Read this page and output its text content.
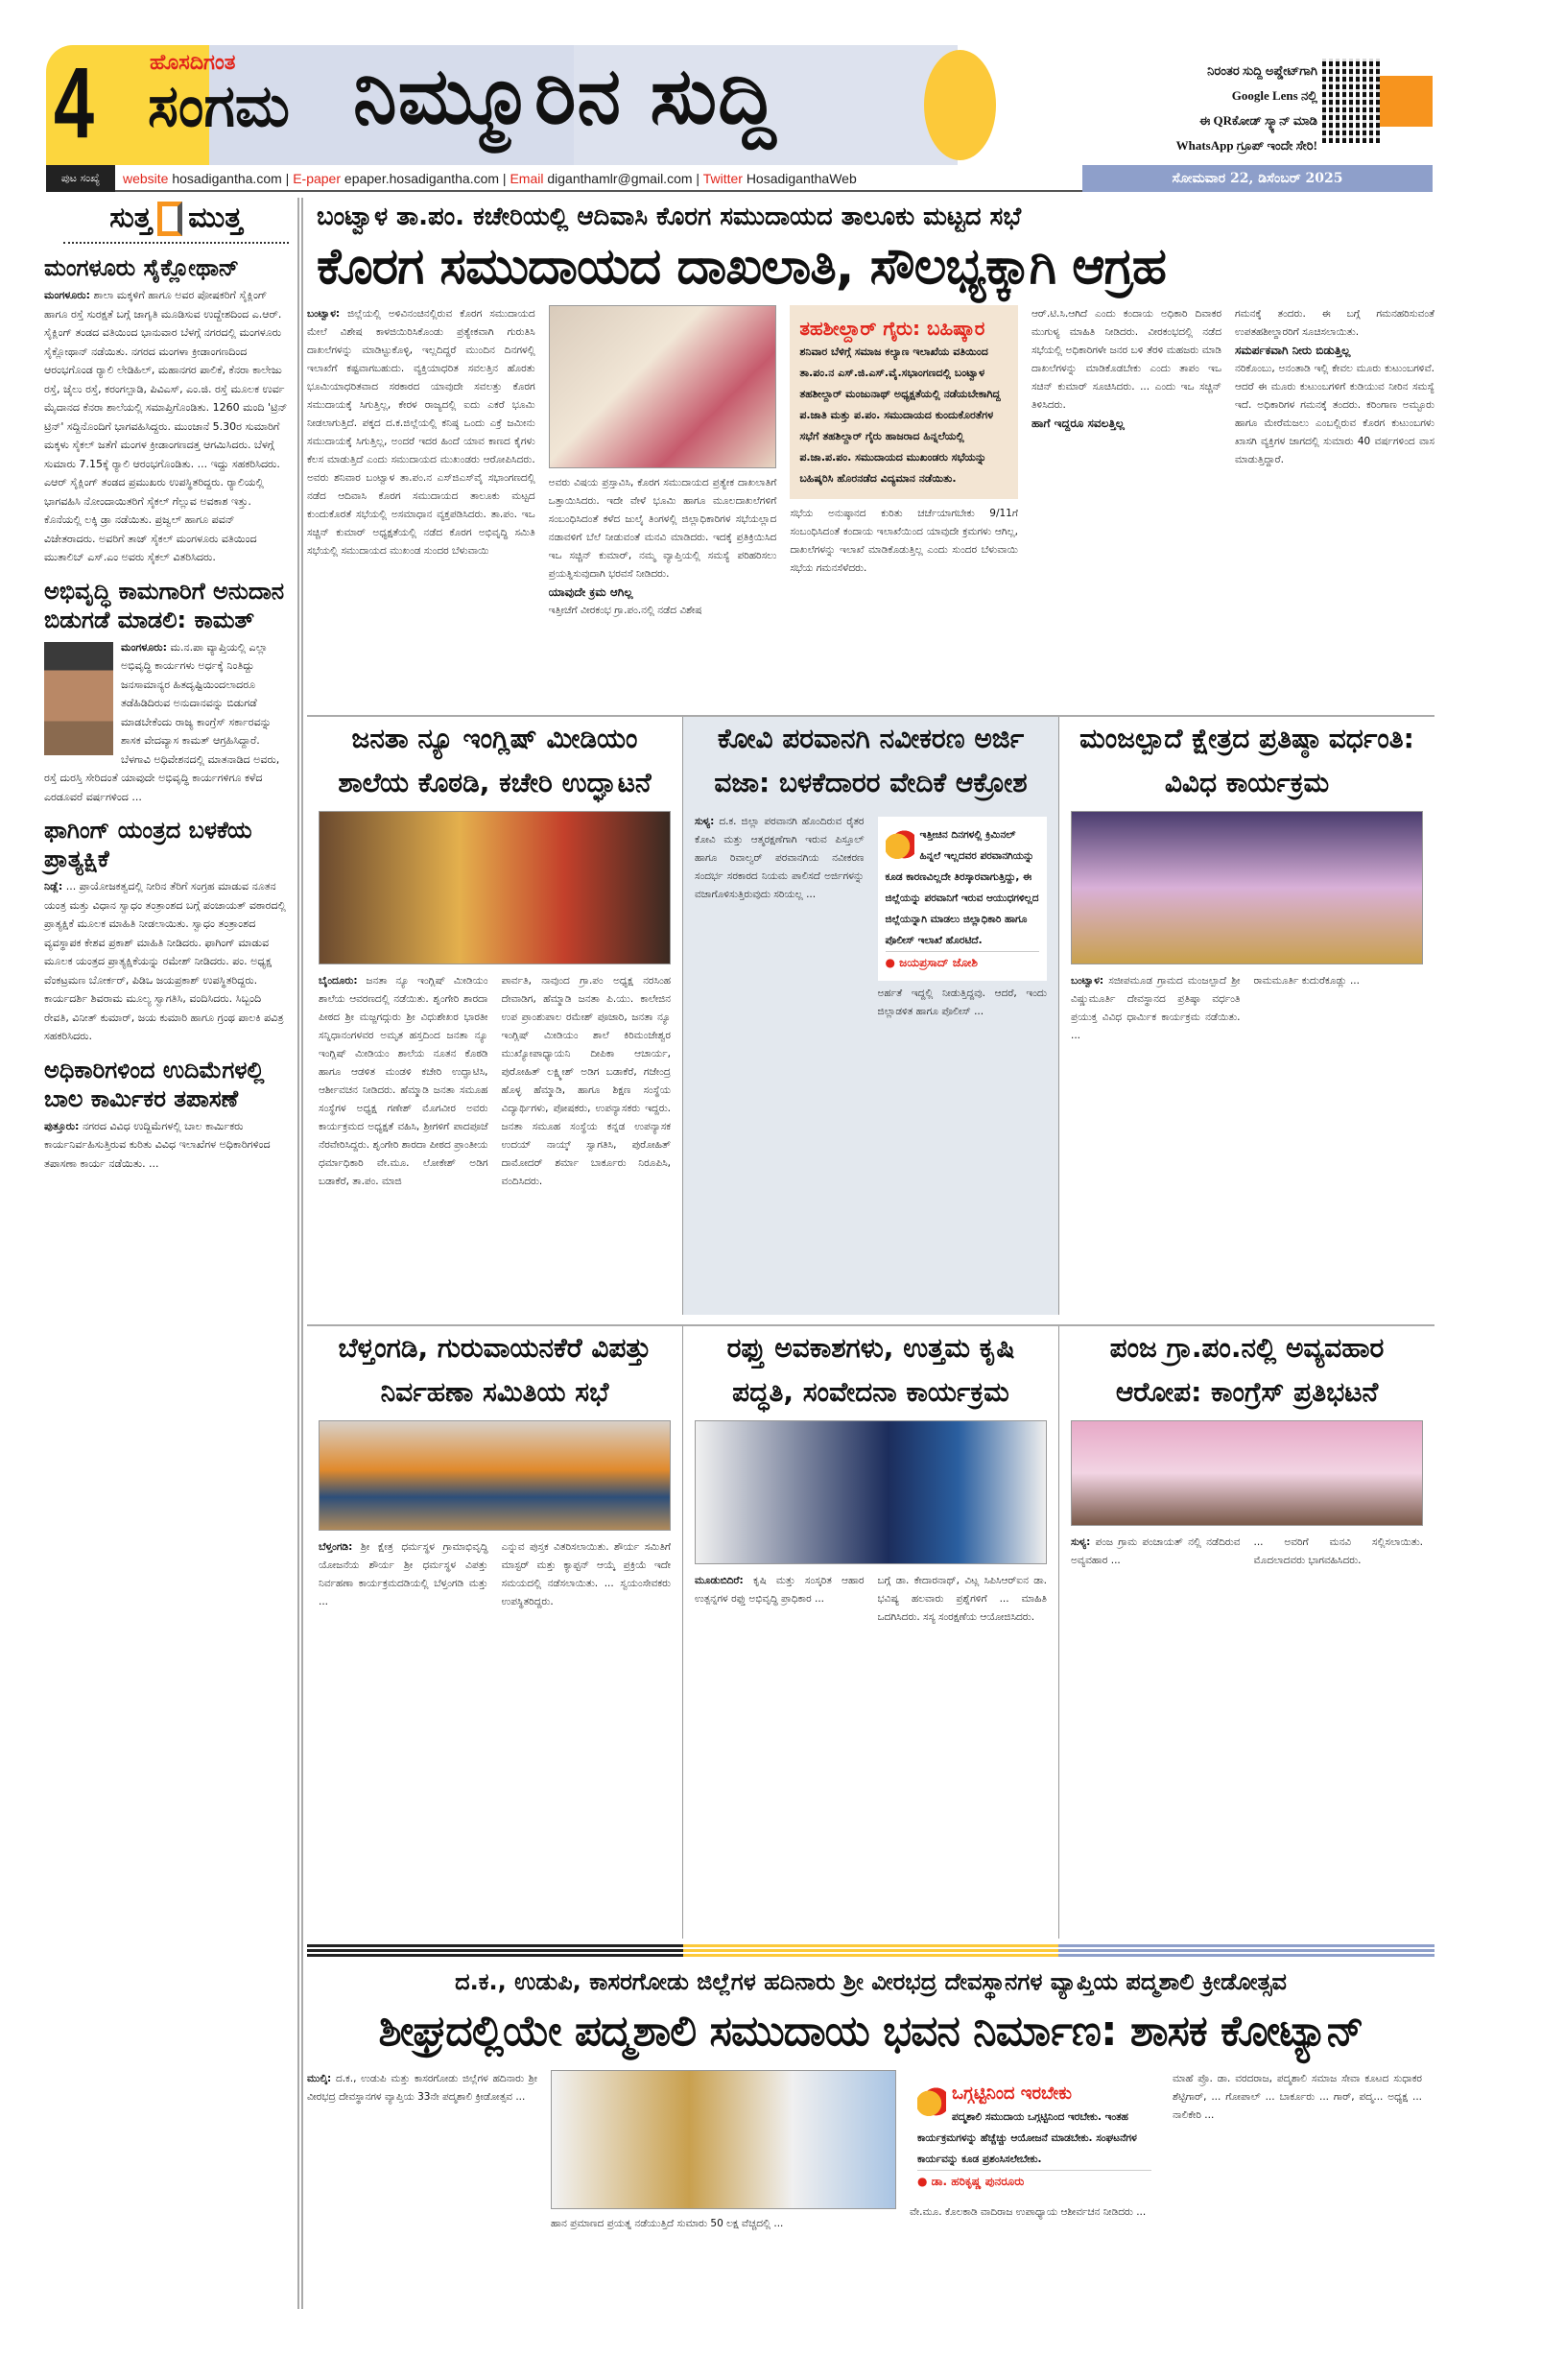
4	ಹೊಸದಿಗಂತ
ಸಂಗಮ ನಿಮ್ಮೂರಿನ ಸುದ್ದಿ	ನಿರಂತರ ಸುದ್ದಿ ಅಪ್ಡೇಟ್‌ಗಾಗಿ
Google Lens ನಲ್ಲಿ
ಈ QRಕೋಡ್ ಸ್ಕ್ಯಾನ್ ಮಾಡಿ
WhatsApp ಗ್ರೂಪ್ ಇಂದೇ ಸೇರಿ!
ಪುಟ ಸಂಖ್ಯೆ	website hosadigantha.com | E-paper epaper.hosadigantha.com | Email diganthamlr@gmail.com | Twitter HosadiganthaWeb	ಸೋಮವಾರ 22, ಡಿಸೆಂಬರ್ 2025
ಸುತ್ತ ಮುತ್ತ
ಮಂಗಳೂರು ಸೈಕ್ಲೋಥಾನ್

ಮಂಗಳೂರು: ಶಾಲಾ ಮಕ್ಕಳಿಗೆ ಹಾಗೂ ಅವರ ಪೋಷಕರಿಗೆ ಸೈಕ್ಲಿಂಗ್ ಹಾಗೂ ರಸ್ತೆ ಸುರಕ್ಷತೆ ಬಗ್ಗೆ ಜಾಗೃತಿ ಮೂಡಿಸುವ ಉದ್ದೇಶದಿಂದ ಎ.ಆರ್. ಸೈಕ್ಲಿಂಗ್ ತಂಡದ ವತಿಯಿಂದ ಭಾನುವಾರ ಬೆಳಗ್ಗೆ ನಗರದಲ್ಲಿ ಮಂಗಳೂರು ಸೈಕ್ಲೋಥಾನ್ ನಡೆಯಿತು. ನಗರದ ಮಂಗಳಾ ಕ್ರೀಡಾಂಗಣದಿಂದ ಆರಂಭಗೊಂಡ ರ್‍ಯಾಲಿ ಲೇಡಿಹಿಲ್, ಮಹಾನಗರ ಪಾಲಿಕೆ, ಕೆನರಾ ಕಾಲೇಜು ರಸ್ತೆ, ಜೈಲು ರಸ್ತೆ, ಕರಂಗಲ್ಪಾಡಿ, ಪಿವಿಎಸ್, ಎಂ.ಜಿ. ರಸ್ತೆ ಮೂಲಕ ಉರ್ವ ಮೈದಾನದ ಕೆನರಾ ಶಾಲೆಯಲ್ಲಿ ಸಮಾಪ್ತಿಗೊಂಡಿತು. 1260 ಮಂದಿ 'ಟ್ರಿನ್ ಟ್ರಿನ್' ಸದ್ದಿನೊಂದಿಗೆ ಭಾಗವಹಿಸಿದ್ದರು. ಮುಂಜಾನೆ 5.30ರ ಸುಮಾರಿಗೆ ಮಕ್ಕಳು ಸೈಕಲ್ ಜತೆಗೆ ಮಂಗಳ ಕ್ರೀಡಾಂಗಣದತ್ತ ಆಗಮಿಸಿದರು. ಬೆಳಗ್ಗೆ ಸುಮಾರು 7.15ಕ್ಕೆ ರ್‍ಯಾಲಿ ಆರಂಭಗೊಂಡಿತು. ... ಇದ್ದು ಸಹಕರಿಸಿದರು. ಎಆರ್ ಸೈಕ್ಲಿಂಗ್ ತಂಡದ ಪ್ರಮುಖರು ಉಪಸ್ಥಿತರಿದ್ದರು. ರ್‍ಯಾಲಿಯಲ್ಲಿ ಭಾಗವಹಿಸಿ ನೋಂದಾಯಿತರಿಗೆ ಸೈಕಲ್ ಗೆಲ್ಲುವ ಅವಕಾಶ ಇತ್ತು. ಕೊನೆಯಲ್ಲಿ ಲಕ್ಕಿ ಡ್ರಾ ನಡೆಯಿತು. ಪ್ರಜ್ವಲ್ ಹಾಗೂ ಪವನ್ ವಿಜೇತರಾದರು. ಅವರಿಗೆ ತಾಜ್ ಸೈಕಲ್ ಮಂಗಳೂರು ವತಿಯಿಂದ ಮುತಾಲಿಬ್ ಎಸ್.ಎಂ ಅವರು ಸೈಕಲ್ ವಿತರಿಸಿದರು.

ಅಭಿವೃದ್ಧಿ ಕಾಮಗಾರಿಗೆ ಅನುದಾನ ಬಿಡುಗಡೆ ಮಾಡಲಿ: ಕಾಮತ್

ಮಂಗಳೂರು: ಮ.ನ.ಪಾ ವ್ಯಾಪ್ತಿಯಲ್ಲಿ ಎಲ್ಲಾ ಅಭಿವೃದ್ಧಿ ಕಾರ್ಯಗಳು ಅರ್ಧಕ್ಕೆ ನಿಂತಿದ್ದು ಜನಸಾಮಾನ್ಯರ ಹಿತದೃಷ್ಟಿಯಿಂದಲಾದರೂ ತಡೆಹಿಡಿದಿರುವ ಅನುದಾನವನ್ನು ಬಿಡುಗಡೆ ಮಾಡಬೇಕೆಂದು ರಾಜ್ಯ ಕಾಂಗ್ರೆಸ್ ಸರ್ಕಾರವನ್ನು ಶಾಸಕ ವೇದವ್ಯಾಸ ಕಾಮತ್ ಆಗ್ರಹಿಸಿದ್ದಾರೆ. ಬೆಳಗಾವಿ ಅಧಿವೇಶನದಲ್ಲಿ ಮಾತನಾಡಿದ ಅವರು, ರಸ್ತೆ ದುರಸ್ತಿ ಸೇರಿದಂತೆ ಯಾವುದೇ ಅಭಿವೃದ್ಧಿ ಕಾರ್ಯಗಳಿಗೂ ಕಳೆದ ಎರಡೂವರೆ ವರ್ಷಗಳಿಂದ ...

ಫಾಗಿಂಗ್ ಯಂತ್ರದ ಬಳಕೆಯ ಪ್ರಾತ್ಯಕ್ಷಿಕೆ

ನಿಡ್ಲೆ: ... ಪ್ರಾಯೋಜಕತ್ವದಲ್ಲಿ ನೀರಿನ ತೆರಿಗೆ ಸಂಗ್ರಹ ಮಾಡುವ ನೂತನ ಯಂತ್ರ ಮತ್ತು ವಿಧಾನ ಸ್ವಾಧಂ ತಂತ್ರಾಂಶದ ಬಗ್ಗೆ ಪಂಚಾಯತ್ ವಠಾರದಲ್ಲಿ ಪ್ರಾತ್ಯಕ್ಷಿಕೆ ಮೂಲಕ ಮಾಹಿತಿ ನೀಡಲಾಯಿತು. ಸ್ವಾಧಂ ತಂತ್ರಾಂಶದ ವ್ಯವಸ್ಥಾಪಕ ಕೇಶವ ಪ್ರಕಾಶ್ ಮಾಹಿತಿ ನೀಡಿದರು. ಫಾಗಿಂಗ್ ಮಾಡುವ ಮೂಲಕ ಯಂತ್ರದ ಪ್ರಾತ್ಯಕ್ಷಿಕೆಯನ್ನು ರಮೇಶ್ ನೀಡಿದರು. ಪಂ. ಅಧ್ಯಕ್ಷ ವೆಂಕಟ್ರಮಣ ಬೋರ್ಕರ್, ಪಿಡಿಒ ಜಯಪ್ರಕಾಶ್ ಉಪಸ್ಥಿತರಿದ್ದರು. ಕಾರ್ಯದರ್ಶಿ ಶಿವರಾಮ ಮೂಲ್ಯ ಸ್ವಾಗತಿಸಿ, ವಂದಿಸಿದರು. ಸಿಬ್ಬಂದಿ ರೇವತಿ, ವಿನೀತ್ ಕುಮಾರ್, ಜಯ ಕುಮಾರಿ ಹಾಗೂ ಗ್ರಂಥ ಪಾಲಕಿ ಪವಿತ್ರ ಸಹಕರಿಸಿದರು.

ಅಧಿಕಾರಿಗಳಿಂದ ಉದಿಮೆಗಳಲ್ಲಿ ಬಾಲ ಕಾರ್ಮಿಕರ ತಪಾಸಣೆ

ಪುತ್ತೂರು: ನಗರದ ವಿವಿಧ ಉದ್ದಿಮೆಗಳಲ್ಲಿ ಬಾಲ ಕಾರ್ಮಿಕರು ಕಾರ್ಯನಿರ್ವಹಿಸುತ್ತಿರುವ ಕುರಿತು ವಿವಿಧ ಇಲಾಖೆಗಳ ಅಧಿಕಾರಿಗಳಿಂದ ತಪಾಸಣಾ ಕಾರ್ಯ ನಡೆಯಿತು. ...

ಬಂಟ್ವಾಳ ತಾ.ಪಂ. ಕಚೇರಿಯಲ್ಲಿ ಆದಿವಾಸಿ ಕೊರಗ ಸಮುದಾಯದ ತಾಲೂಕು ಮಟ್ಟದ ಸಭೆ
ಕೊರಗ ಸಮುದಾಯದ ದಾಖಲಾತಿ, ಸೌಲಭ್ಯಕ್ಕಾಗಿ ಆಗ್ರಹ
ಬಂಟ್ವಾಳ: ಜಿಲ್ಲೆಯಲ್ಲಿ ಅಳಿವಿನಂಚಿನಲ್ಲಿರುವ ಕೊರಗ ಸಮುದಾಯದ ಮೇಲೆ ವಿಶೇಷ ಕಾಳಜಿಯಿರಿಸಿಕೊಂಡು ಪ್ರತ್ಯೇಕವಾಗಿ ಗುರುತಿಸಿ ದಾಖಲೆಗಳನ್ನು ಮಾಡಿಟ್ಟುಕೊಳ್ಳಿ, ಇಲ್ಲದಿದ್ದರೆ ಮುಂದಿನ ದಿನಗಳಲ್ಲಿ ಇಲಾಖೆಗೆ ಕಷ್ಟವಾಗಬಹುದು. ವ್ಯಕ್ತಿಯಾಧರಿತ ಸವಲತ್ತಿನ ಹೊರತು ಭೂಮಿಯಾಧರಿತವಾದ ಸರಕಾರದ ಯಾವುದೇ ಸವಲತ್ತು ಕೊರಗ ಸಮುದಾಯಕ್ಕೆ ಸಿಗುತ್ತಿಲ್ಲ, ಕೇರಳ ರಾಜ್ಯದಲ್ಲಿ ಐದು ಎಕರೆ ಭೂಮಿ ನೀಡಲಾಗುತ್ತಿದೆ. ಪಕ್ಕದ ದ.ಕ.ಜಿಲ್ಲೆಯಲ್ಲಿ ಕನಿಷ್ಠ ಒಂದು ಎಕ್ರೆ ಜಮೀನು ಸಮುದಾಯಕ್ಕೆ ಸಿಗುತ್ತಿಲ್ಲ, ಅಂದರೆ ಇದರ ಹಿಂದೆ ಯಾವ ಕಾಣದ ಕೈಗಳು ಕೆಲಸ ಮಾಡುತ್ತಿದೆ ಎಂದು ಸಮುದಾಯದ ಮುಖಂಡರು ಆರೋಪಿಸಿದರು. ಅವರು ಶನಿವಾರ ಬಂಟ್ವಾಳ ತಾ.ಪಂ.ನ ಎಸ್‌ಜಿಎಸ್‌ವೈ ಸಭಾಂಗಣದಲ್ಲಿ ನಡೆದ ಆದಿವಾಸಿ ಕೊರಗ ಸಮುದಾಯದ ತಾಲೂಕು ಮಟ್ಟದ ಕುಂದುಕೊರತೆ ಸಭೆಯಲ್ಲಿ ಅಸಮಾಧಾನ ವ್ಯಕ್ತಪಡಿಸಿದರು. ತಾ.ಪಂ. ಇಒ ಸಚ್ಚಿನ್ ಕುಮಾರ್ ಅಧ್ಯಕ್ಷತೆಯಲ್ಲಿ ನಡೆದ ಕೊರಗ ಅಭಿವೃದ್ಧಿ ಸಮಿತಿ ಸಭೆಯಲ್ಲಿ ಸಮುದಾಯದ ಮುಖಂಡ ಸುಂದರ ಬೆಳುವಾಯಿ
ಅವರು ವಿಷಯ ಪ್ರಸ್ತಾವಿಸಿ, ಕೊರಗ ಸಮುದಾಯದ ಪ್ರತ್ಯೇಕ ದಾಖಲಾತಿಗೆ ಒತ್ತಾಯಿಸಿದರು. ಇದೇ ವೇಳೆ ಭೂಮಿ ಹಾಗೂ ಮೂಲದಾಖಲೆಗಳಿಗೆ ಸಂಬಂಧಿಸಿದಂತೆ ಕಳೆದ ಜುಲೈ ತಿಂಗಳಲ್ಲಿ ಜಿಲ್ಲಾಧಿಕಾರಿಗಳ ಸಭೆಯಲ್ಲಾದ ನಡಾವಳಿಗೆ ಬೆಲೆ ನೀಡುವಂತೆ ಮನವಿ ಮಾಡಿದರು. ಇದಕ್ಕೆ ಪ್ರತಿಕ್ರಿಯಿಸಿದ ಇಒ ಸಚ್ಚಿನ್ ಕುಮಾರ್, ನಮ್ಮ ವ್ಯಾಪ್ತಿಯಲ್ಲಿ ಸಮಸ್ಯೆ ಪರಿಹರಿಸಲು ಪ್ರಯತ್ನಿಸುವುದಾಗಿ ಭರವಸೆ ನೀಡಿದರು.
ಯಾವುದೇ ಕ್ರಮ ಆಗಿಲ್ಲ
ಇತ್ತೀಚೆಗೆ ವೀರಕಂಭ ಗ್ರಾ.ಪಂ.ನಲ್ಲಿ ನಡೆದ ವಿಶೇಷ
ತಹಶೀಲ್ದಾರ್ ಗೈರು: ಬಹಿಷ್ಕಾರ

ಶನಿವಾರ ಬೆಳಿಗ್ಗೆ ಸಮಾಜ ಕಲ್ಯಾಣ ಇಲಾಖೆಯ ವತಿಯಿಂದ ತಾ.ಪಂ.ನ ಎಸ್.ಜಿ.ಎಸ್.ವೈ.ಸಭಾಂಗಣದಲ್ಲಿ ಬಂಟ್ವಾಳ ತಹಶೀಲ್ದಾರ್ ಮಂಜುನಾಥ್ ಅಧ್ಯಕ್ಷತೆಯಲ್ಲಿ ನಡೆಯಬೇಕಾಗಿದ್ದ ಪ.ಜಾತಿ ಮತ್ತು ಪ.ಪಂ. ಸಮುದಾಯದ ಕುಂದುಕೊರತೆಗಳ ಸಭೆಗೆ ತಹಶಿಲ್ದಾರ್ ಗೈರು ಹಾಜರಾದ ಹಿನ್ನಲೆಯಲ್ಲಿ ಪ.ಜಾ.ಪ.ಪಂ. ಸಮುದಾಯದ ಮುಖಂಡರು ಸಭೆಯನ್ನು ಬಹಿಷ್ಕರಿಸಿ ಹೊರನಡೆದ ವಿದ್ಯಮಾನ ನಡೆಯಿತು.

ಸಭೆಯ ಅನುಷ್ಠಾನದ ಕುರಿತು ಚರ್ಚೆಯಾಗಬೇಕು 9/11ಗೆ ಸಂಬಂಧಿಸಿದಂತೆ ಕಂದಾಯ ಇಲಾಖೆಯಿಂದ ಯಾವುದೇ ಕ್ರಮಗಳು ಆಗಿಲ್ಲ, ದಾಖಲೆಗಳನ್ನು ಇಲಾಖೆ ಮಾಡಿಕೊಡುತ್ತಿಲ್ಲ ಎಂದು ಸುಂದರ ಬೆಳುವಾಯಿ ಸಭೆಯ ಗಮನಸೆಳೆದರು.
ಆರ್.ಟಿ.ಸಿ.ಆಗಿದೆ ಎಂದು ಕಂದಾಯ ಅಧಿಕಾರಿ ದಿವಾಕರ ಮುಗುಳ್ಯ ಮಾಹಿತಿ ನೀಡಿದರು. ವೀರಕಂಭದಲ್ಲಿ ನಡೆದ ಸಭೆಯಲ್ಲಿ ಅಧಿಕಾರಿಗಳೇ ಜನರ ಬಳಿ ತೆರಳಿ ಮಹಜರು ಮಾಡಿ ದಾಖಲೆಗಳನ್ನು ಮಾಡಿಕೊಡಬೇಕು ಎಂದು ತಾಪಂ ಇಒ ಸಚಿನ್ ಕುಮಾರ್ ಸೂಚಿಸಿದರು. ... ಎಂದು ಇಒ ಸಚ್ಚಿನ್ ತಿಳಿಸಿದರು.
ಹಾಗೆ ಇದ್ದರೂ ಸವಲತ್ತಿಲ್ಲ
ಗಮನಕ್ಕೆ ತಂದರು. ಈ ಬಗ್ಗೆ ಗಮನಹರಿಸುವಂತೆ ಉಪತಹಶೀಲ್ದಾರರಿಗೆ ಸೂಚಿಸಲಾಯಿತು.
ಸಮರ್ಪಕವಾಗಿ ನೀರು ಬಿಡುತ್ತಿಲ್ಲ
ನರಿಕೊಂಬು, ಅನಂತಾಡಿ ಇಲ್ಲಿ ಕೇವಲ ಮೂರು ಕುಟುಂಬಗಳಿವೆ. ಆದರೆ ಈ ಮೂರು ಕುಟುಂಬಗಳಿಗೆ ಕುಡಿಯುವ ನೀರಿನ ಸಮಸ್ಯೆ ಇದೆ. ಅಧಿಕಾರಿಗಳ ಗಮನಕ್ಕೆ ತಂದರು. ಕರಿಂಗಾಣ ಅಮ್ಟೂರು ಹಾಗೂ ಮೇರೆಮಜಲು ಎಂಬಲ್ಲಿರುವ ಕೊರಗ ಕುಟುಂಬಗಳು ಖಾಸಗಿ ವ್ಯಕ್ತಿಗಳ ಜಾಗದಲ್ಲಿ ಸುಮಾರು 40 ವರ್ಷಗಳಿಂದ ವಾಸ ಮಾಡುತ್ತಿದ್ದಾರೆ.
ಜನತಾ ನ್ಯೂ ಇಂಗ್ಲಿಷ್ ಮೀಡಿಯಂ ಶಾಲೆಯ ಕೊಠಡಿ, ಕಚೇರಿ ಉದ್ಘಾಟನೆ
ಬೈಂದೂರು: ಜನತಾ ನ್ಯೂ ಇಂಗ್ಲಿಷ್ ಮೀಡಿಯಂ ಶಾಲೆಯ ಆವರಣದಲ್ಲಿ ನಡೆಯಿತು. ಶೃಂಗೇರಿ ಶಾರದಾ ಪೀಠದ ಶ್ರೀ ಮಜ್ಜಗದ್ಗುರು ಶ್ರೀ ವಿಧುಶೇಖರ ಭಾರತೀ ಸನ್ನಿಧಾನಂಗಳವರ ಅಮೃತ ಹಸ್ತದಿಂದ ಜನತಾ ನ್ಯೂ ಇಂಗ್ಲಿಷ್ ಮೀಡಿಯಂ ಶಾಲೆಯ ನೂತನ ಕೊಠಡಿ ಹಾಗೂ ಆಡಳಿತ ಮಂಡಳಿ ಕಚೇರಿ ಉದ್ಘಾಟಿಸಿ, ಆರ್ಶೀವಚನ ನೀಡಿದರು. ಹೆಮ್ಮಾಡಿ ಜನತಾ ಸಮೂಹ ಸಂಸ್ಥೆಗಳ ಅಧ್ಯಕ್ಷ ಗಣೇಶ್ ಮೊಗವೀರ ಅವರು ಕಾರ್ಯಕ್ರಮದ ಅಧ್ಯಕ್ಷತೆ ವಹಿಸಿ, ಶ್ರೀಗಳಿಗೆ ಪಾದಪೂಜೆ ನೆರವೇರಿಸಿದ್ದರು. ಶೃಂಗೇರಿ ಶಾರದಾ ಪೀಠದ ಪ್ರಾಂತೀಯ ಧರ್ಮಾಧಿಕಾರಿ ವೇ.ಮೂ. ಲೋಕೇಶ್ ಅಡಿಗ ಬಡಾಕೆರೆ, ತಾ.ಪಂ. ಮಾಜಿ
ಪಾರ್ವತಿ, ನಾವುಂದ ಗ್ರಾ.ಪಂ ಅಧ್ಯಕ್ಷ ನರಸಿಂಹ ದೇವಾಡಿಗ, ಹೆಮ್ಮಾಡಿ ಜನತಾ ಪಿ.ಯು. ಕಾಲೇಜಿನ ಉಪ ಪ್ರಾಂಶುಪಾಲ ರಮೇಶ್ ಪೂಜಾರಿ, ಜನತಾ ನ್ಯೂ ಇಂಗ್ಲಿಷ್ ಮೀಡಿಯಂ ಶಾಲೆ ಕಿರಿಮಂಜೇಶ್ವರ ಮುಖ್ಯೋಪಾಧ್ಯಾಯನಿ ದೀಪಿಕಾ ಆಚಾರ್ಯ, ಪುರೋಹಿತ್ ಲಕ್ಷ್ಮೀಶ್ ಅಡಿಗ ಬಡಾಕೆರೆ, ಗಜೇಂದ್ರ ಹೊಳ್ಳ ಹೆಮ್ಮಾಡಿ, ಹಾಗೂ ಶಿಕ್ಷಣ ಸಂಸ್ಥೆಯ ವಿದ್ಯಾರ್ಥಿಗಳು, ಪೋಷಕರು, ಉಪನ್ಯಾಸಕರು ಇದ್ದರು. ಜನತಾ ಸಮೂಹ ಸಂಸ್ಥೆಯ ಕನ್ನಡ ಉಪನ್ಯಾಸಕ ಉದಯ್ ನಾಯ್ಕ್ ಸ್ವಾಗತಿಸಿ, ಪುರೋಹಿತ್ ದಾಮೋದರ್ ಶರ್ಮಾ ಬಾರ್ಕೂರು ನಿರೂಪಿಸಿ, ವಂದಿಸಿದರು.
ಕೋವಿ ಪರವಾನಗಿ ನವೀಕರಣ ಅರ್ಜಿ ವಜಾ: ಬಳಕೆದಾರರ ವೇದಿಕೆ ಆಕ್ರೋಶ
ಸುಳ್ಯ: ದ.ಕ. ಜಿಲ್ಲಾ ಪರವಾನಗಿ ಹೊಂದಿರುವ ರೈತರ ಕೋವಿ ಮತ್ತು ಆತ್ಮರಕ್ಷಣೆಗಾಗಿ ಇರುವ ಪಿಸ್ತೂಲ್ ಹಾಗೂ ರಿವಾಲ್ವರ್ ಪರವಾನಗಿಯ ನವೀಕರಣ ಸಂದರ್ಭ ಸರಕಾರದ ನಿಯಮ ಪಾಲಿಸದೆ ಅರ್ಜಿಗಳನ್ನು ವಜಾಗೊಳಿಸುತ್ತಿರುವುದು ಸರಿಯಲ್ಲ ...

ಇತ್ತೀಚಿನ ದಿನಗಳಲ್ಲಿ ಕ್ರಿಮಿನಲ್ ಹಿನ್ನಲೆ ಇಲ್ಲದವರ ಪರವಾನಗಿಯನ್ನು ಕೂಡ ಕಾರಣವಿಲ್ಲದೇ ತಿರಸ್ಕಾರವಾಗುತ್ತಿದ್ದು, ಈ ಜಿಲ್ಲೆಯನ್ನು ಪರವಾನಿಗೆ ಇರುವ ಆಯುಧಗಳಿಲ್ಲದ ಜಿಲ್ಲೆಯನ್ನಾಗಿ ಮಾಡಲು ಜಿಲ್ಲಾಧಿಕಾರಿ ಹಾಗೂ ಪೊಲೀಸ್ ಇಲಾಖೆ ಹೊರಟಿದೆ.

● ಜಯಪ್ರಸಾದ್ ಜೋಶಿ
ಅರ್ಹತೆ ಇದ್ದಲ್ಲಿ ನೀಡುತ್ತಿದ್ದವು. ಆದರೆ, ಇಂದು ಜಿಲ್ಲಾಡಳಿತ ಹಾಗೂ ಪೊಲೀಸ್ ...
ಮಂಜಲ್ಪಾದೆ ಕ್ಷೇತ್ರದ ಪ್ರತಿಷ್ಠಾ ವರ್ಧಂತಿ: ವಿವಿಧ ಕಾರ್ಯಕ್ರಮ
ಬಂಟ್ವಾಳ: ಸಜೀಪಮೂಡ ಗ್ರಾಮದ ಮಂಜಲ್ಪಾದೆ ಶ್ರೀ ವಿಷ್ಣುಮೂರ್ತಿ ದೇವಸ್ಥಾನದ ಪ್ರತಿಷ್ಠಾ ವರ್ಧಂತಿ ಪ್ರಯುಕ್ತ ವಿವಿಧ ಧಾರ್ಮಿಕ ಕಾರ್ಯಕ್ರಮ ನಡೆಯಿತು. ...
ರಾಮಮೂರ್ತಿ ಕುದುರೆಕೂಡ್ಲು ...
ಬೆಳ್ತಂಗಡಿ, ಗುರುವಾಯನಕೆರೆ ವಿಪತ್ತು ನಿರ್ವಹಣಾ ಸಮಿತಿಯ ಸಭೆ
ಬೆಳ್ತಂಗಡಿ: ಶ್ರೀ ಕ್ಷೇತ್ರ ಧರ್ಮಸ್ಥಳ ಗ್ರಾಮಾಭಿವೃದ್ಧಿ ಯೋಜನೆಯ ಶೌರ್ಯ ಶ್ರೀ ಧರ್ಮಸ್ಥಳ ವಿಪತ್ತು ನಿರ್ವಹಣಾ ಕಾರ್ಯಕ್ರಮದಡಿಯಲ್ಲಿ ಬೆಳ್ತಂಗಡಿ ಮತ್ತು ...
ಎನ್ನುವ ಪುಸ್ತಕ ವಿತರಿಸಲಾಯಿತು. ಶೌರ್ಯ ಸಮಿತಿಗೆ ಮಾಸ್ಟರ್ ಮತ್ತು ಕ್ಯಾಪ್ಟನ್ ಆಯ್ಕೆ ಪ್ರಕ್ರಿಯೆ ಇದೇ ಸಮಯದಲ್ಲಿ ನಡೆಸಲಾಯಿತು. ... ಸ್ವಯಂಸೇವಕರು ಉಪಸ್ಥಿತರಿದ್ದರು.
ರಫ್ತು ಅವಕಾಶಗಳು, ಉತ್ತಮ ಕೃಷಿ ಪದ್ಧತಿ, ಸಂವೇದನಾ ಕಾರ್ಯಕ್ರಮ
ಮೂಡುಬಿದಿರೆ: ಕೃಷಿ ಮತ್ತು ಸಂಸ್ಕರಿತ ಆಹಾರ ಉತ್ಪನ್ನಗಳ ರಫ್ತು ಅಭಿವೃದ್ಧಿ ಪ್ರಾಧಿಕಾರ ...
ಬಗ್ಗೆ ಡಾ. ಕೇದಾರನಾಥ್, ವಿಟ್ಲ ಸಿಪಿಸಿಆರ್‌ಐನ ಡಾ. ಭವಿಷ್ಯ ಹಲವಾರು ಪ್ರಶ್ನೆಗಳಿಗೆ ... ಮಾಹಿತಿ ಒದಗಿಸಿದರು. ಸಸ್ಯ ಸಂರಕ್ಷಣೆಯ ಆಯೋಜಿಸಿದರು.
ಪಂಜ ಗ್ರಾ.ಪಂ.ನಲ್ಲಿ ಅವ್ಯವಹಾರ ಆರೋಪ: ಕಾಂಗ್ರೆಸ್ ಪ್ರತಿಭಟನೆ
ಸುಳ್ಯ: ಪಂಜ ಗ್ರಾಮ ಪಂಚಾಯತ್ ನಲ್ಲಿ ನಡೆದಿರುವ ಅವ್ಯವಹಾರ ...
... ಅವರಿಗೆ ಮನವಿ ಸಲ್ಲಿಸಲಾಯಿತು. ಮೊದಲಾದವರು ಭಾಗವಹಿಸಿದರು.
ದ.ಕ., ಉಡುಪಿ, ಕಾಸರಗೋಡು ಜಿಲ್ಲೆಗಳ ಹದಿನಾರು ಶ್ರೀ ವೀರಭದ್ರ ದೇವಸ್ಥಾನಗಳ ವ್ಯಾಪ್ತಿಯ ಪದ್ಮಶಾಲಿ ಕ್ರೀಡೋತ್ಸವ
ಶೀಘ್ರದಲ್ಲಿಯೇ ಪದ್ಮಶಾಲಿ ಸಮುದಾಯ ಭವನ ನಿರ್ಮಾಣ: ಶಾಸಕ ಕೋಟ್ಯಾನ್
ಮುಲ್ಕಿ: ದ.ಕ., ಉಡುಪಿ ಮತ್ತು ಕಾಸರಗೋಡು ಜಿಲ್ಲೆಗಳ ಹದಿನಾರು ಶ್ರೀ ವೀರಭದ್ರ ದೇವಸ್ಥಾನಗಳ ವ್ಯಾಪ್ತಿಯ 33ನೇ ಪದ್ಮಶಾಲಿ ಕ್ರೀಡೋತ್ಸವ ...
ಹಾನ ಪ್ರಮಾಣದ ಪ್ರಯತ್ನ ನಡೆಯುತ್ತಿದೆ ಸುಮಾರು 50 ಲಕ್ಷ ವೆಚ್ಚದಲ್ಲಿ ...
ಒಗ್ಗಟ್ಟಿನಿಂದ ಇರಬೇಕು

ಪದ್ಮಶಾಲಿ ಸಮುದಾಯ ಒಗ್ಗಟ್ಟಿನಿಂದ ಇರಬೇಕು. ಇಂತಹ ಕಾರ್ಯಕ್ರಮಗಳನ್ನು ಹೆಚ್ಚೆಚ್ಚು ಆಯೋಜನೆ ಮಾಡಬೇಕು. ಸಂಘಟನೆಗಳ ಕಾರ್ಯವನ್ನು ಕೂಡ ಪ್ರಶಂಸಿಸಲೇಬೇಕು.

● ಡಾ. ಹರಿಕೃಷ್ಣ ಪುನರೂರು
ವೇ.ಮೂ. ಕೊಲಕಾಡಿ ವಾದಿರಾಜ ಉಪಾಧ್ಯಾಯ ಆಶೀರ್ವಚನ ನೀಡಿದರು ...
ಮಾಹೆ ಪ್ರೊ. ಡಾ. ವರದರಾಜ, ಪದ್ಮಶಾಲಿ ಸಮಾಜ ಸೇವಾ ಕೂಟದ ಸುಧಾಕರ ಶೆಟ್ಟಿಗಾರ್, ... ಗೋಪಾಲ್ ... ಬಾರ್ಕೂರು ... ಗಾರ್, ಪದ್ಮ... ಅಧ್ಯಕ್ಷ ... ನಾಲಿಕೇರಿ ...
